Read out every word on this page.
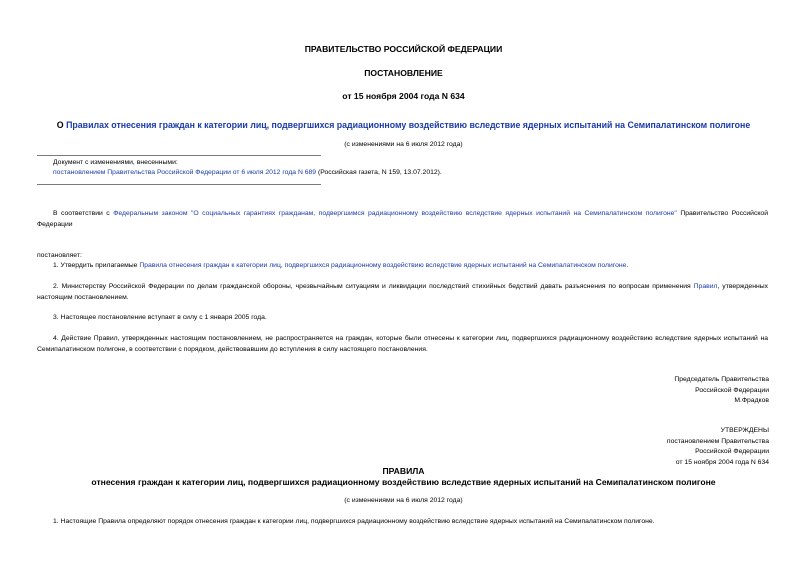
ПРАВИТЕЛЬСТВО РОССИЙСКОЙ ФЕДЕРАЦИИ
ПОСТАНОВЛЕНИЕ
от 15 ноября 2004 года N 634
О Правилах отнесения граждан к категории лиц, подвергшихся радиационному воздействию вследствие ядерных испытаний на Семипалатинском полигоне
(с изменениями на 6 июля 2012 года)
Документ с изменениями, внесенными:
постановлением Правительства Российской Федерации от 6 июля 2012 года N 689 (Российская газета, N 159, 13.07.2012).
В соответствии с Федеральным законом "О социальных гарантиях гражданам, подвергшимся радиационному воздействию вследствие ядерных испытаний на Семипалатинском полигоне" Правительство Российской Федерации
постановляет:
1. Утвердить прилагаемые Правила отнесения граждан к категории лиц, подвергшихся радиационному воздействию вследствие ядерных испытаний на Семипалатинском полигоне.
2. Министерству Российской Федерации по делам гражданской обороны, чрезвычайным ситуациям и ликвидации последствий стихийных бедствий давать разъяснения по вопросам применения Правил, утвержденных настоящим постановлением.
3. Настоящее постановление вступает в силу с 1 января 2005 года.
4. Действие Правил, утвержденных настоящим постановлением, не распространяется на граждан, которые были отнесены к категории лиц, подвергшихся радиационному воздействию вследствие ядерных испытаний на Семипалатинском полигоне, в соответствии с порядком, действовавшим до вступления в силу настоящего постановления.
Председатель Правительства
Российской Федерации
М.Фрадков
УТВЕРЖДЕНЫ
постановлением Правительства
Российской Федерации
от 15 ноября 2004 года N 634
ПРАВИЛА
отнесения граждан к категории лиц, подвергшихся радиационному воздействию вследствие ядерных испытаний на Семипалатинском полигоне
(с изменениями на 6 июля 2012 года)
1. Настоящие Правила определяют порядок отнесения граждан к категории лиц, подвергшихся радиационному воздействию вследствие ядерных испытаний на Семипалатинском полигоне.
